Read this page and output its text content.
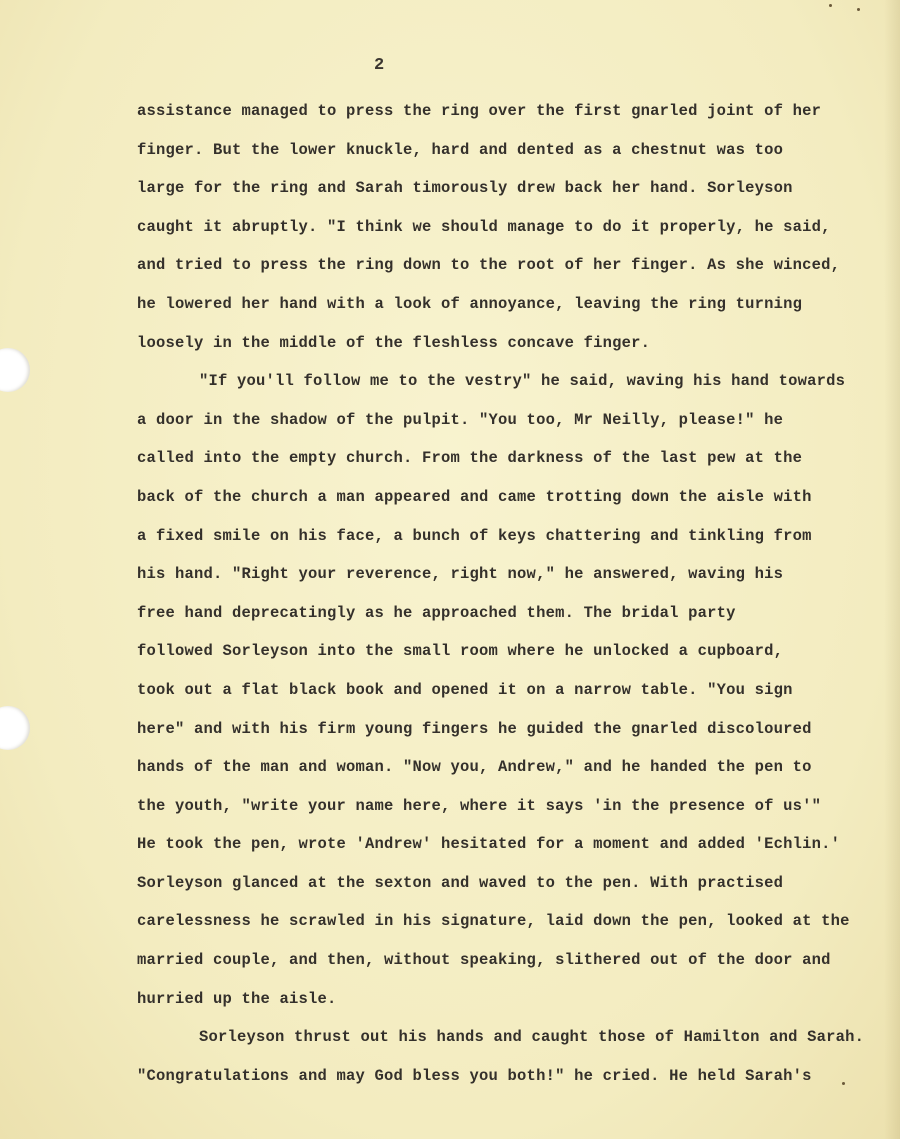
2
assistance managed to press the ring over the first gnarled joint of her
finger. But the lower knuckle, hard and dented as a chestnut was too
large for the ring and Sarah timorously drew back her hand. Sorleyson
caught it abruptly. "I think we should manage to do it properly, he said,
and tried to press the ring down to the root of her finger. As she winced,
he lowered her hand with a look of annoyance, leaving the ring turning
loosely in the middle of the fleshless concave finger.
"If you'll follow me to the vestry" he said, waving his hand towards
a door in the shadow of the pulpit. "You too, Mr Neilly, please!" he
called into the empty church. From the darkness of the last pew at the
back of the church a man appeared and came trotting down the aisle with
a fixed smile on his face, a bunch of keys chattering and tinkling from
his hand. "Right your reverence, right now," he answered, waving his
free hand deprecatingly as he approached them. The bridal party
followed Sorleyson into the small room where he unlocked a cupboard,
took out a flat black book and opened it on a narrow table. "You sign
here" and with his firm young fingers he guided the gnarled discoloured
hands of the man and woman. "Now you, Andrew," and he handed the pen to
the youth, "write your name here, where it says 'in the presence of us'"
He took the pen, wrote 'Andrew' hesitated for a moment and added 'Echlin.'
Sorleyson glanced at the sexton and waved to the pen. With practised
carelessness he scrawled in his signature, laid down the pen, looked at the
married couple, and then, without speaking, slithered out of the door and
hurried up the aisle.
Sorleyson thrust out his hands and caught those of Hamilton and Sarah.
"Congratulations and may God bless you both!" he cried. He held Sarah's
